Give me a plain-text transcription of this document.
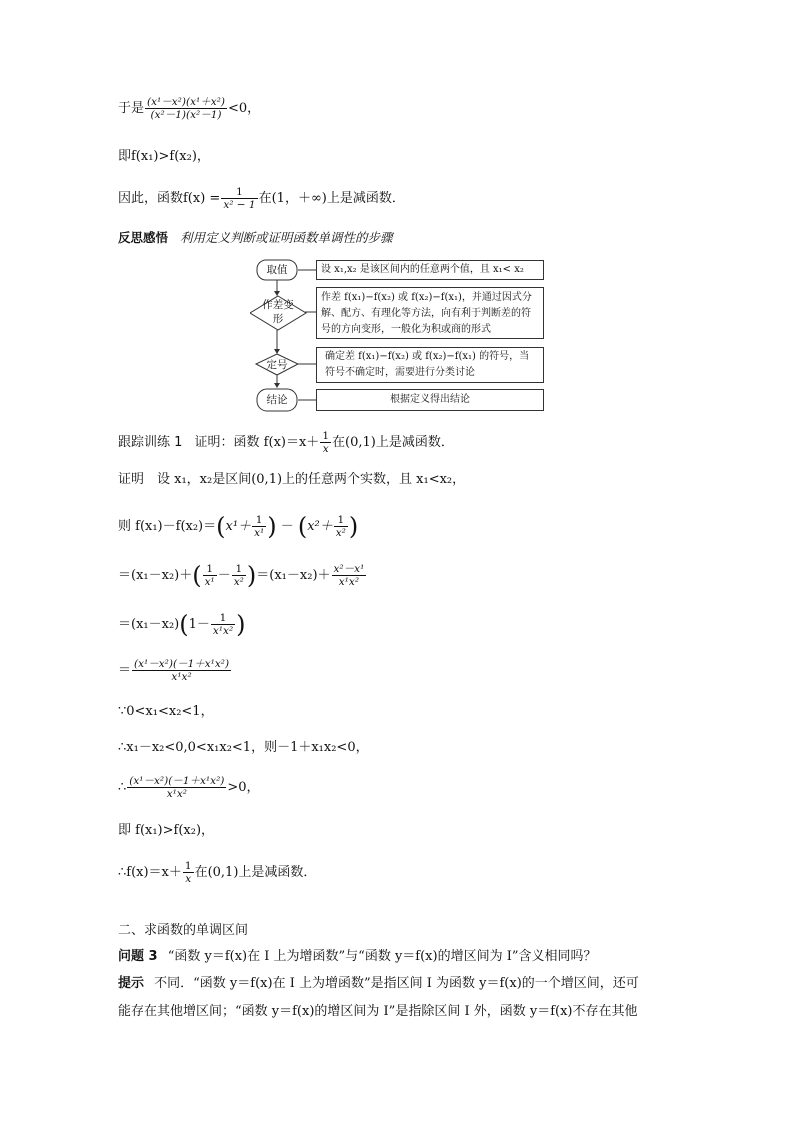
于是 $\frac{\text{(x¹－x²)(x¹＋x²)}}{\text{(x²－1)(x²－1)}} <0$，
即f(x₁)>f(x₂)，
因此，函数$f(x) = \frac{1}{\text{x² − 1}}$ 在(1，＋∞)上是减函数．
反思感悟 利用定义判断或证明函数单调性的步骤
取值
作差变形
定号
结论
设 x₁,x₂ 是该区间内的任意两个值，且 x₁< x₂
作差 f(x₁)−f(x₂) 或 f(x₂)−f(x₁)，并通过因式分解、配方、有理化等方法，向有利于判断差的符号的方向变形，一般化为积或商的形式
确定差 f(x₁)−f(x₂) 或 f(x₂)−f(x₁) 的符号，当符号不确定时，需要进行分类讨论
根据定义得出结论
跟踪训练 1 证明：函数 $f(x)=x+ \frac{1}{x}$ 在(0,1)上是减函数．
证明　设 x₁，x₂是区间(0,1)上的任意两个实数，且 x₁<x₂，
则 $f(x_1)-f(x_2)=(x^1+ \frac{1}{\text{x¹}}$ ) － ($x^2+ \frac{1}{\text{x²}}$ )
$=(x_1-x_2)+( \frac{1}{\text{x¹}} - \frac{1}{\text{x²}} )=(x_1-x_2)+ \frac{\text{x²－x¹}}{\text{x¹x²}}$
$=(x_1-x_2)(1- \frac{1}{\text{x¹x²}}$ )
＝ $\frac{\text{(x¹－x²)(－1＋x¹x²)}}{\text{x¹x²}}$
∵0<x₁<x₂<1，
∴x₁－x₂<0,0<x₁x₂<1，则－1＋x₁x₂<0，
∴ $\frac{\text{(x¹－x²)(－1＋x¹x²)}}{\text{x¹x²}} >0$，
即 f(x₁)>f(x₂)，
∴f(x)＝x＋ $\frac{1}{x}$ 在(0,1)上是减函数．
二、求函数的单调区间
问题 3 “函数 y＝f(x)在 I 上为增函数”与“函数 y＝f(x)的增区间为 I”含义相同吗？
提示 不同．“函数 y＝f(x)在 I 上为增函数”是指区间 I 为函数 y＝f(x)的一个增区间，还可
能存在其他增区间；“函数 y＝f(x)的增区间为 I”是指除区间 I 外，函数 y＝f(x)不存在其他
